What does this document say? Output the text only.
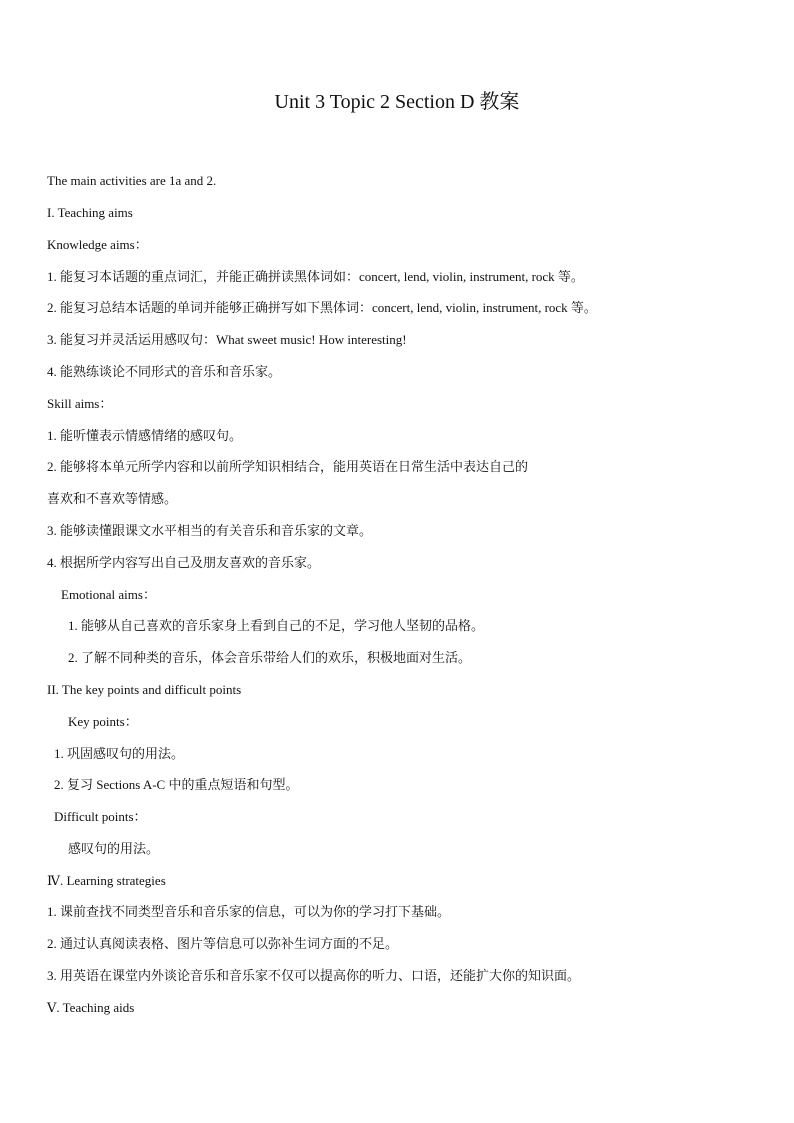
Unit 3 Topic 2 Section D 教案
The main activities are 1a and 2.
I. Teaching aims
Knowledge aims：
1. 能复习本话题的重点词汇，并能正确拼读黑体词如：concert, lend, violin, instrument, rock 等。
2. 能复习总结本话题的单词并能够正确拼写如下黑体词：concert, lend, violin, instrument, rock 等。
3. 能复习并灵活运用感叹句：What sweet music! How interesting!
4. 能熟练谈论不同形式的音乐和音乐家。
Skill aims：
1. 能听懂表示情感情绪的感叹句。
2. 能够将本单元所学内容和以前所学知识相结合，能用英语在日常生活中表达自己的
喜欢和不喜欢等情感。
3. 能够读懂跟课文水平相当的有关音乐和音乐家的文章。
4. 根据所学内容写出自己及朋友喜欢的音乐家。
Emotional aims：
1. 能够从自己喜欢的音乐家身上看到自己的不足，学习他人坚韧的品格。
2. 了解不同种类的音乐，体会音乐带给人们的欢乐，积极地面对生活。
II. The key points and difficult points
Key points：
1. 巩固感叹句的用法。
2. 复习 Sections A-C 中的重点短语和句型。
Difficult points：
感叹句的用法。
Ⅳ. Learning strategies
1. 课前查找不同类型音乐和音乐家的信息，可以为你的学习打下基础。
2. 通过认真阅读表格、图片等信息可以弥补生词方面的不足。
3. 用英语在课堂内外谈论音乐和音乐家不仅可以提高你的听力、口语，还能扩大你的知识面。
Ⅴ. Teaching aids
